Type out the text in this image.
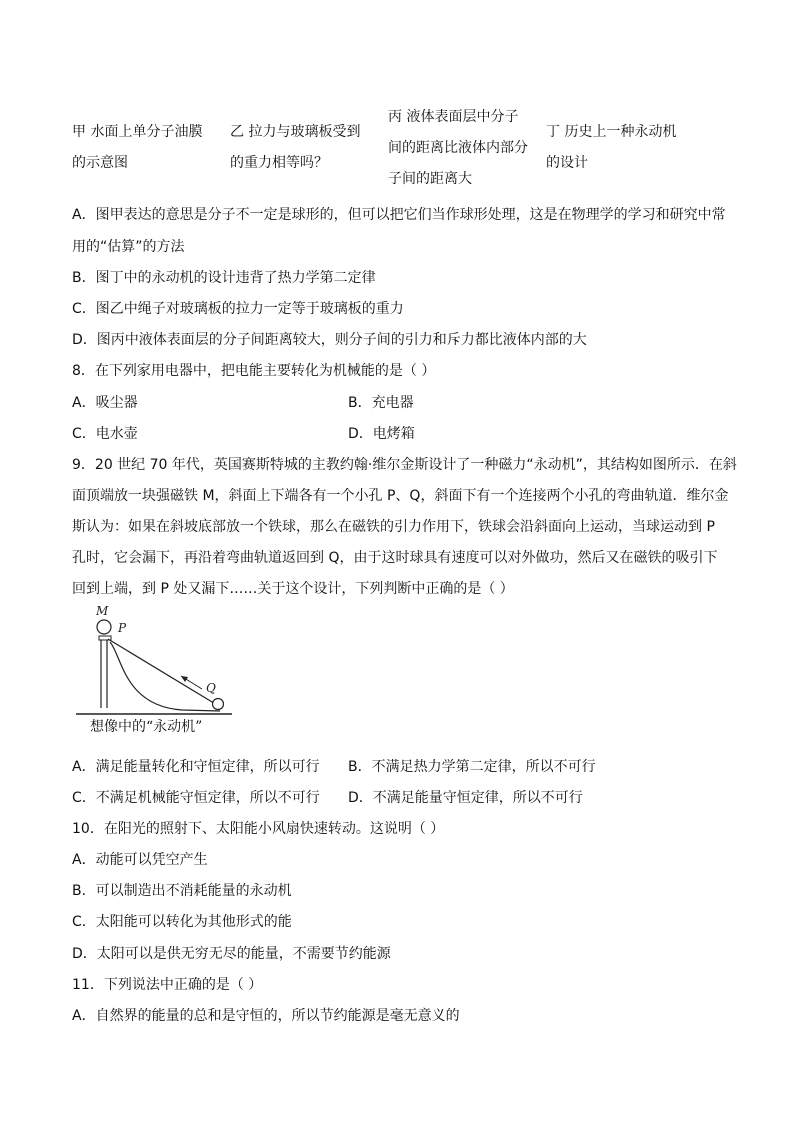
甲 水面上单分子油膜
的示意图
乙 拉力与玻璃板受到
的重力相等吗？
丙 液体表面层中分子
间的距离比液体内部分
子间的距离大
丁 历史上一种永动机
的设计
A．图甲表达的意思是分子不一定是球形的，但可以把它们当作球形处理，这是在物理学的学习和研究中常
用的“估算”的方法
B．图丁中的永动机的设计违背了热力学第二定律
C．图乙中绳子对玻璃板的拉力一定等于玻璃板的重力
D．图丙中液体表面层的分子间距离较大，则分子间的引力和斥力都比液体内部的大
8．在下列家用电器中，把电能主要转化为机械能的是（ ）
A．吸尘器	B．充电器
C．电水壶	D．电烤箱
9．20 世纪 70 年代，英国赛斯特城的主教约翰·维尔金斯设计了一种磁力“永动机”，其结构如图所示．在斜
面顶端放一块强磁铁 M，斜面上下端各有一个小孔 P、Q，斜面下有一个连接两个小孔的弯曲轨道．维尔金
斯认为：如果在斜坡底部放一个铁球，那么在磁铁的引力作用下，铁球会沿斜面向上运动，当球运动到 P
孔时，它会漏下，再沿着弯曲轨道返回到 Q，由于这时球具有速度可以对外做功，然后又在磁铁的吸引下
回到上端，到 P 处又漏下……关于这个设计，下列判断中正确的是（ ）
M
P
Q
想像中的“永动机”
A．满足能量转化和守恒定律，所以可行 B．不满足热力学第二定律，所以不可行
C．不满足机械能守恒定律，所以不可行 D．不满足能量守恒定律，所以不可行
10．在阳光的照射下、太阳能小风扇快速转动。这说明（ ）
A．动能可以凭空产生
B．可以制造出不消耗能量的永动机
C．太阳能可以转化为其他形式的能
D．太阳可以是供无穷无尽的能量，不需要节约能源
11．下列说法中正确的是（ ）
A．自然界的能量的总和是守恒的，所以节约能源是毫无意义的
